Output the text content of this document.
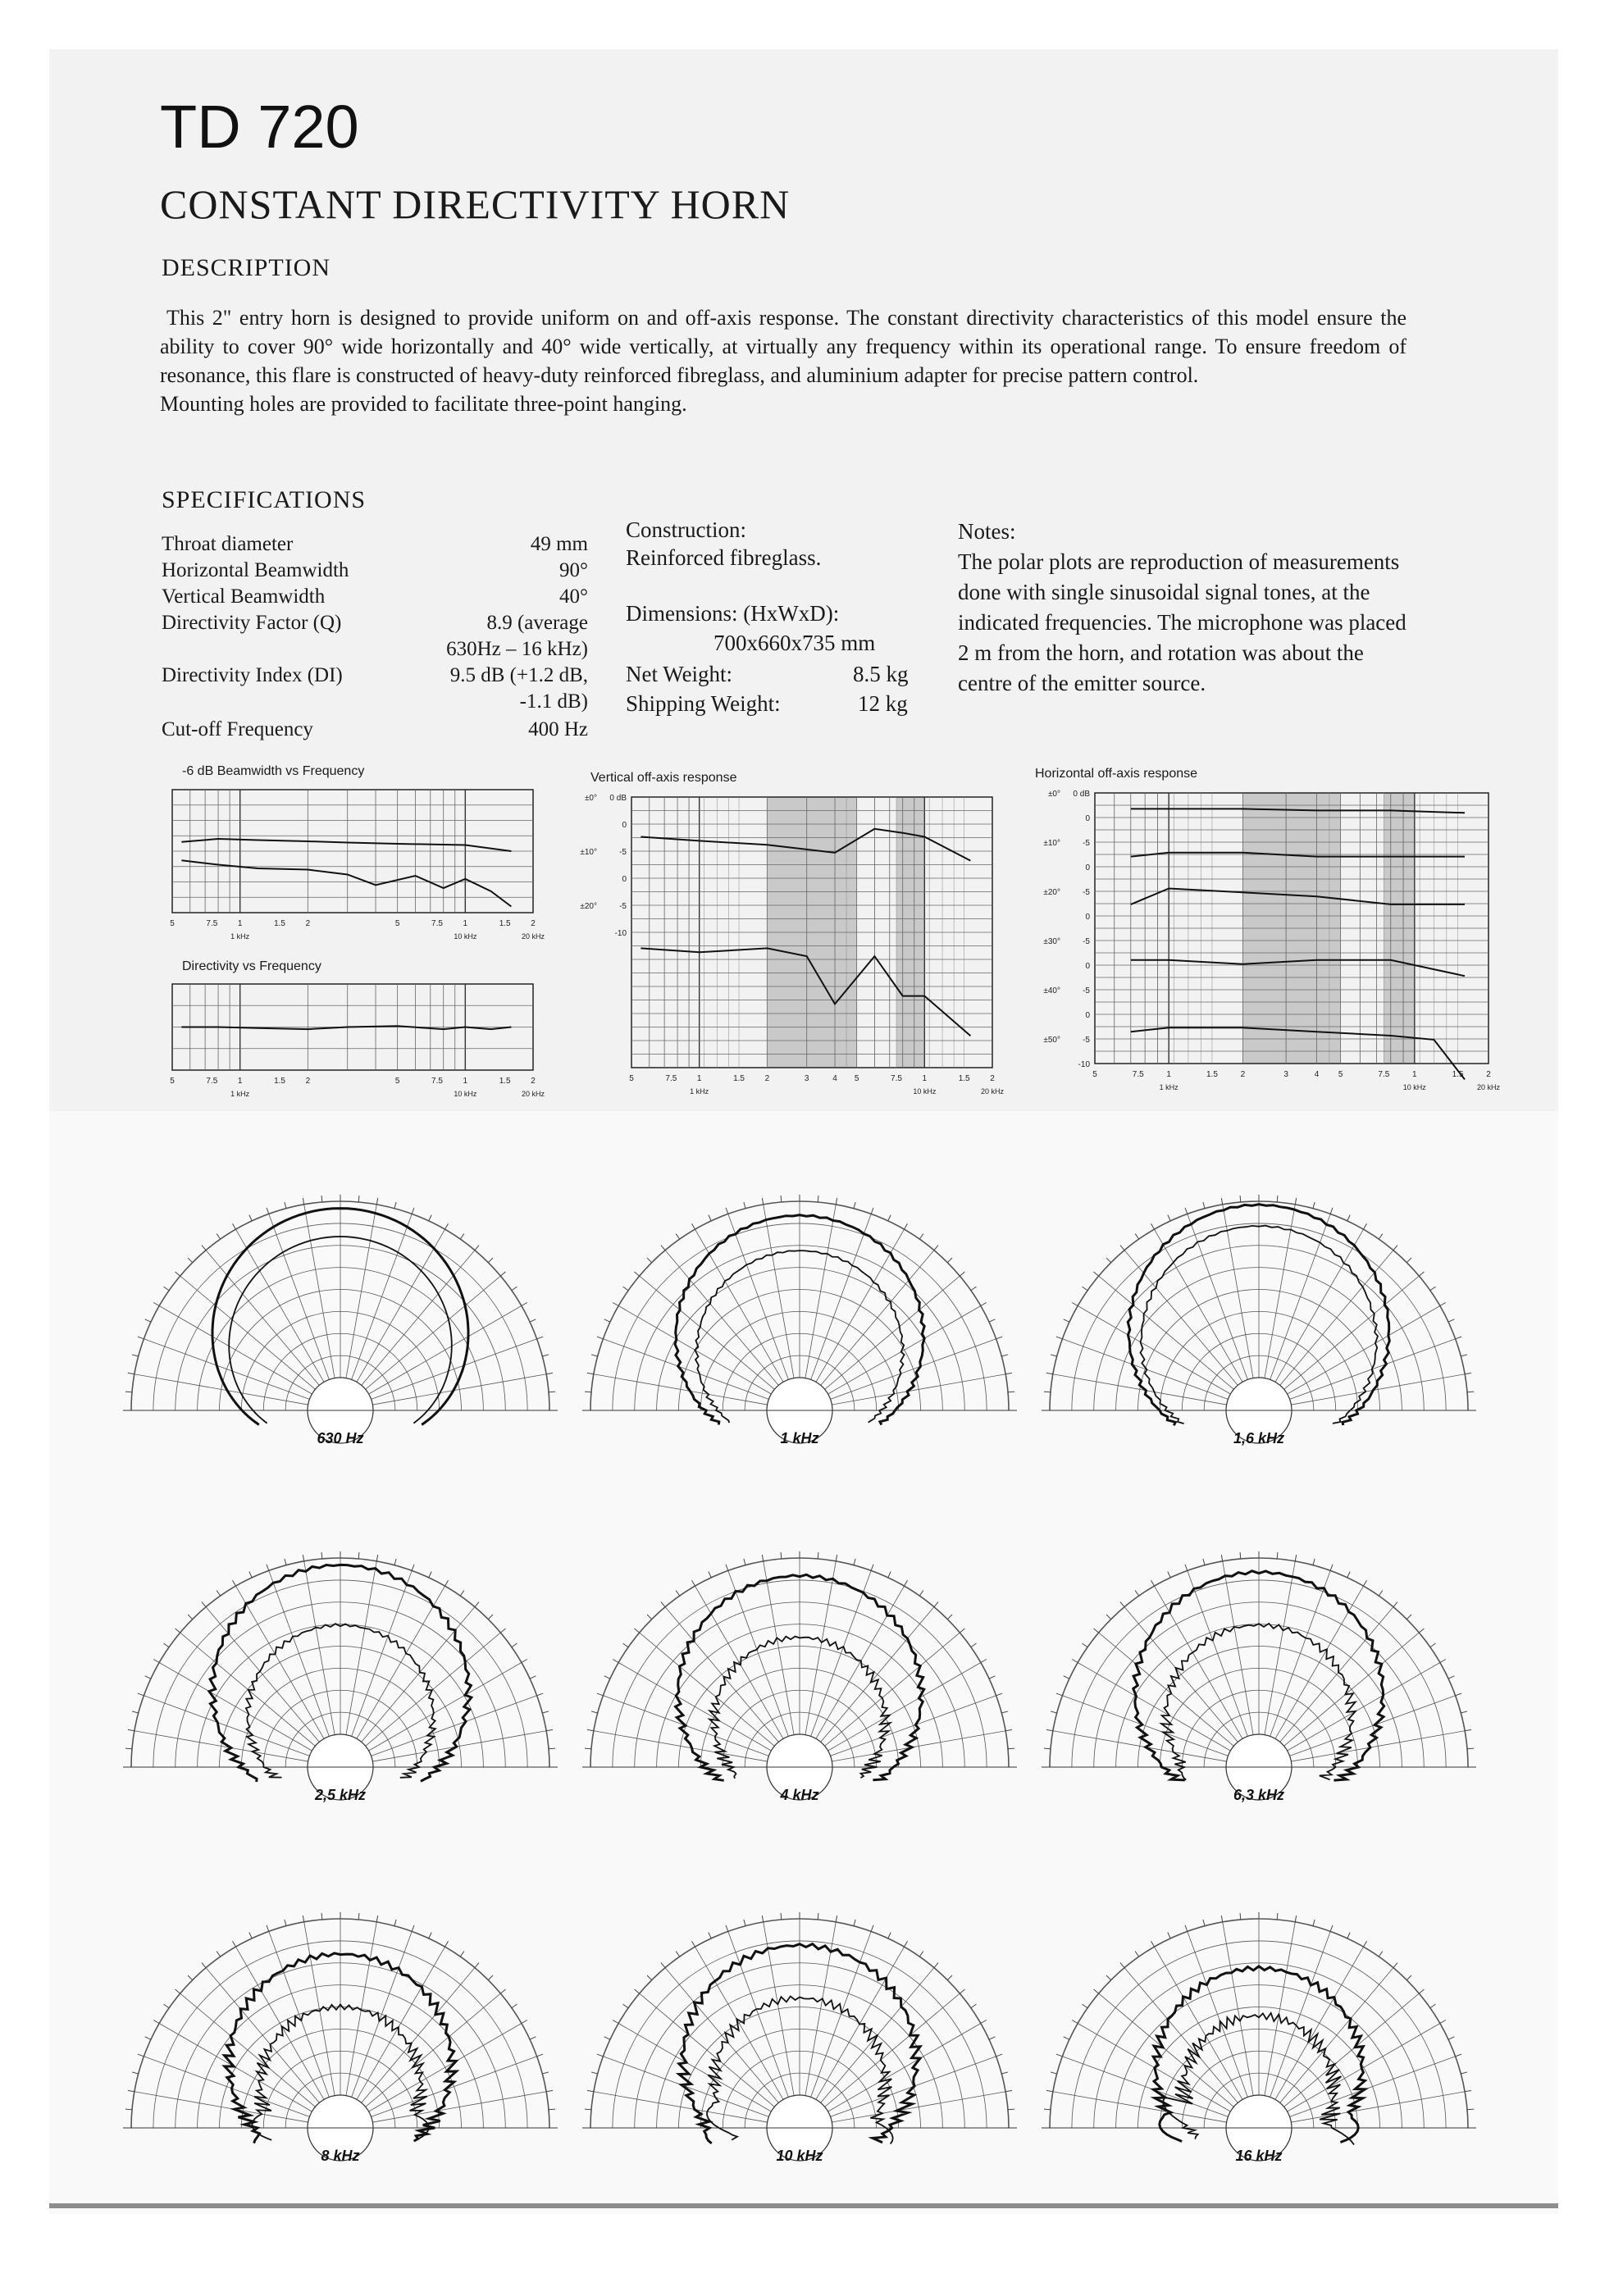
TD 720
CONSTANT DIRECTIVITY HORN
DESCRIPTION

This 2" entry horn is designed to provide uniform on and off-axis response. The constant directivity characteristics of this model ensure the ability to cover 90° wide horizontally and 40° wide vertically, at virtually any frequency within its operational range. To ensure freedom of resonance, this flare is constructed of heavy-duty reinforced fibreglass, and aluminium adapter for precise pattern control.

Mounting holes are provided to facilitate three-point hanging.

SPECIFICATIONS
Throat diameter	49 mm
Horizontal Beamwidth	90°
Vertical Beamwidth	40°
Directivity Factor (Q)	8.9 (average
630Hz – 16 kHz)
Directivity Index (DI)	9.5 dB (+1.2 dB,
-1.1 dB)
Cut-off Frequency	400 Hz
Construction:
Reinforced fibreglass.
Dimensions: (HxWxD):
700x660x735 mm
Net Weight:	8.5 kg
Shipping Weight:	12 kg
Notes:
The polar plots are reproduction of measurements done with single sinusoidal signal tones, at the indicated frequencies. The microphone was placed 2 m from the horn, and rotation was about the centre of the emitter source.
-6 dB Beamwidth vs Frequency
5	7.5 1	1.5 2	5	7.5 1	1.5 2
1 kHz	10 kHz	20 kHz
Directivity vs Frequency
5	7.5 1	1.5 2	5	7.5 1	1.5 2
1 kHz	10 kHz	20 kHz
Vertical off-axis response
5	7.5 1	1.5 2	3	4 5	7.5 1	1.5 2
1 kHz	10 kHz	20 kHz
0 dB
0
-5
0
-5
-10
±0°
±10°
±20°
Horizontal off-axis response
5	7.5	1	1.5	2	3	4 5	7.5	1	1.5	2
1 kHz	10 kHz	20 kHz
0 dB
0
-5
0
-5
0
-5
0
-5
0
-5
-10
±0°
±10°
±20°
±30°
±40°
±50°
630 Hz	1 kHz	1,6 kHz
2,5 kHz	4 kHz	6,3 kHz
8 kHz	10 kHz	16 kHz
